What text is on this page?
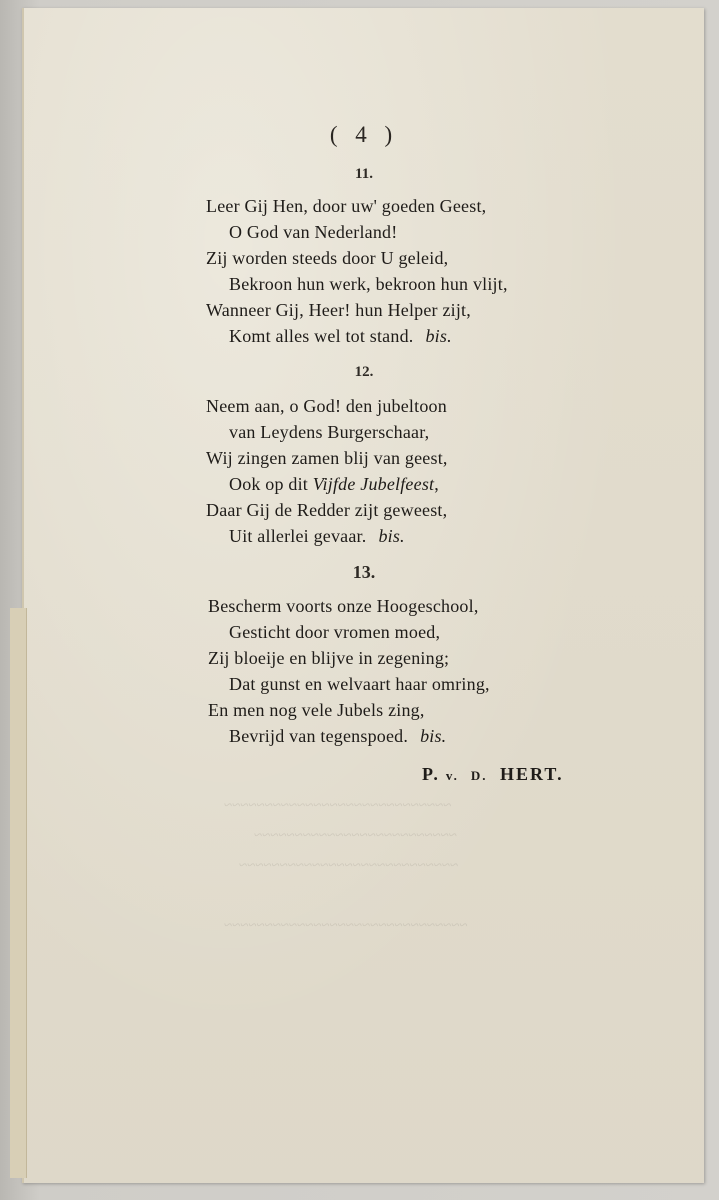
~~~~~~~~~~~~~~~~~~~~~~~~~~~~
~~~~~~~~~~~~~~~~~~~~~~~~~
~~~~~~~~~~~~~~~~~~~~~~~~~~~
~~~~~~~~~~~~~~~~~~~~~~~~~~~~~~
( 4 )
11.
Leer Gij Hen, door uw' goeden Geest,
O God van Nederland!
Zij worden steeds door U geleid,
Bekroon hun werk, bekroon hun vlijt,
Wanneer Gij, Heer! hun Helper zijt,
Komt alles wel tot stand. bis.
12.
Neem aan, o God! den jubeltoon
van Leydens Burgerschaar,
Wij zingen zamen blij van geest,
Ook op dit Vijfde Jubelfeest,
Daar Gij de Redder zijt geweest,
Uit allerlei gevaar. bis.
13.
Bescherm voorts onze Hoogeschool,
Gesticht door vromen moed,
Zij bloeije en blijve in zegening;
Dat gunst en welvaart haar omring,
En men nog vele Jubels zing,
Bevrijd van tegenspoed. bis.
P. v. D. HERT.
